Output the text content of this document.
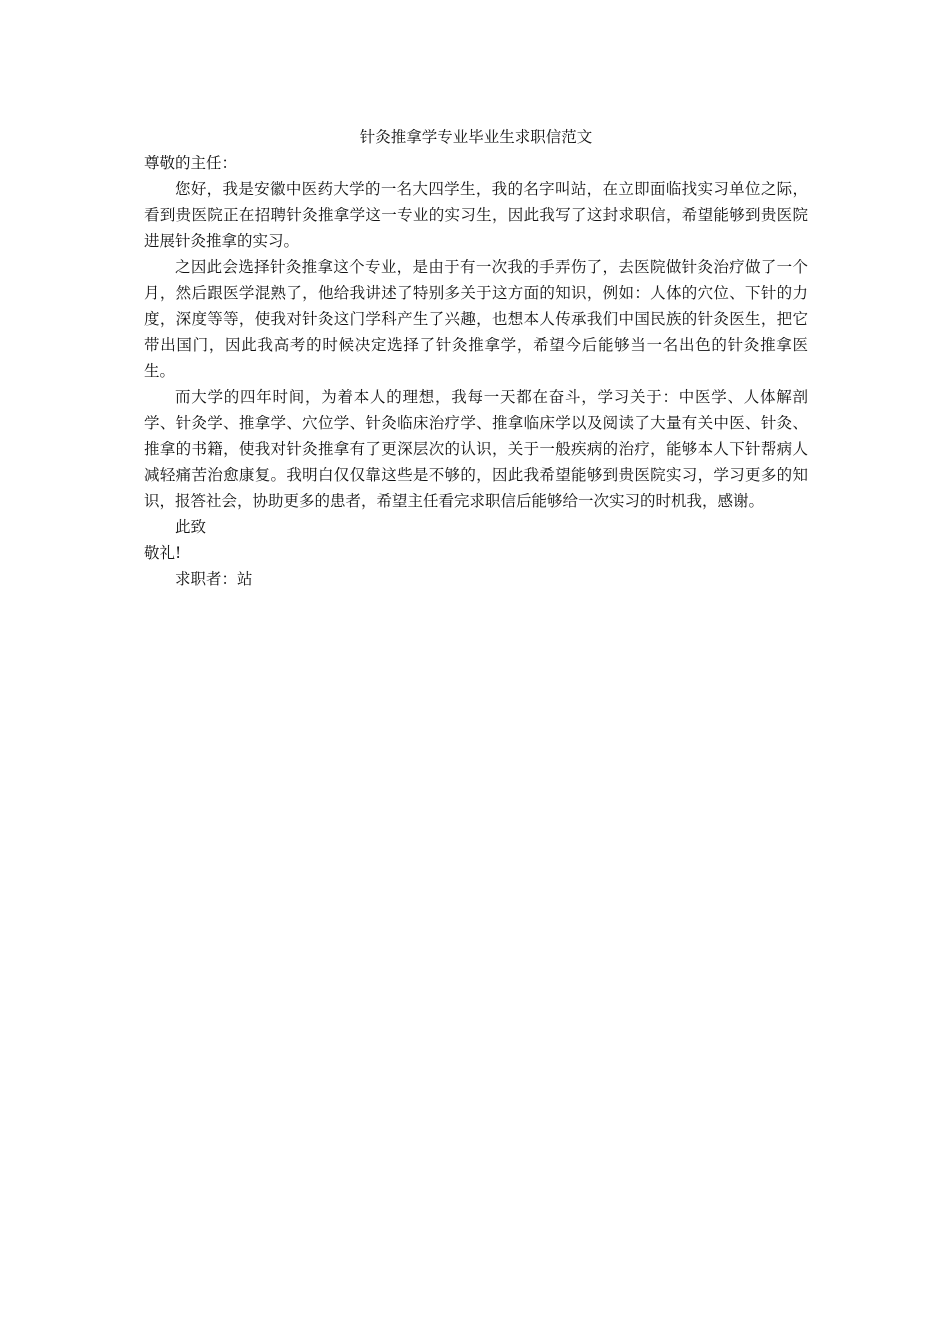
针灸推拿学专业毕业生求职信范文

尊敬的主任：

您好，我是安徽中医药大学的一名大四学生，我的名字叫站，在立即面临找实习单位之际，看到贵医院正在招聘针灸推拿学这一专业的实习生，因此我写了这封求职信，希望能够到贵医院进展针灸推拿的实习。

之因此会选择针灸推拿这个专业，是由于有一次我的手弄伤了，去医院做针灸治疗做了一个月，然后跟医学混熟了，他给我讲述了特别多关于这方面的知识，例如：人体的穴位、下针的力度，深度等等，使我对针灸这门学科产生了兴趣，也想本人传承我们中国民族的针灸医生，把它带出国门，因此我高考的时候决定选择了针灸推拿学，希望今后能够当一名出色的针灸推拿医生。

而大学的四年时间，为着本人的理想，我每一天都在奋斗，学习关于：中医学、人体解剖学、针灸学、推拿学、穴位学、针灸临床治疗学、推拿临床学以及阅读了大量有关中医、针灸、推拿的书籍，使我对针灸推拿有了更深层次的认识，关于一般疾病的治疗，能够本人下针帮病人减轻痛苦治愈康复。我明白仅仅靠这些是不够的，因此我希望能够到贵医院实习，学习更多的知识，报答社会，协助更多的患者，希望主任看完求职信后能够给一次实习的时机我，感谢。

此致

敬礼!

求职者：站
